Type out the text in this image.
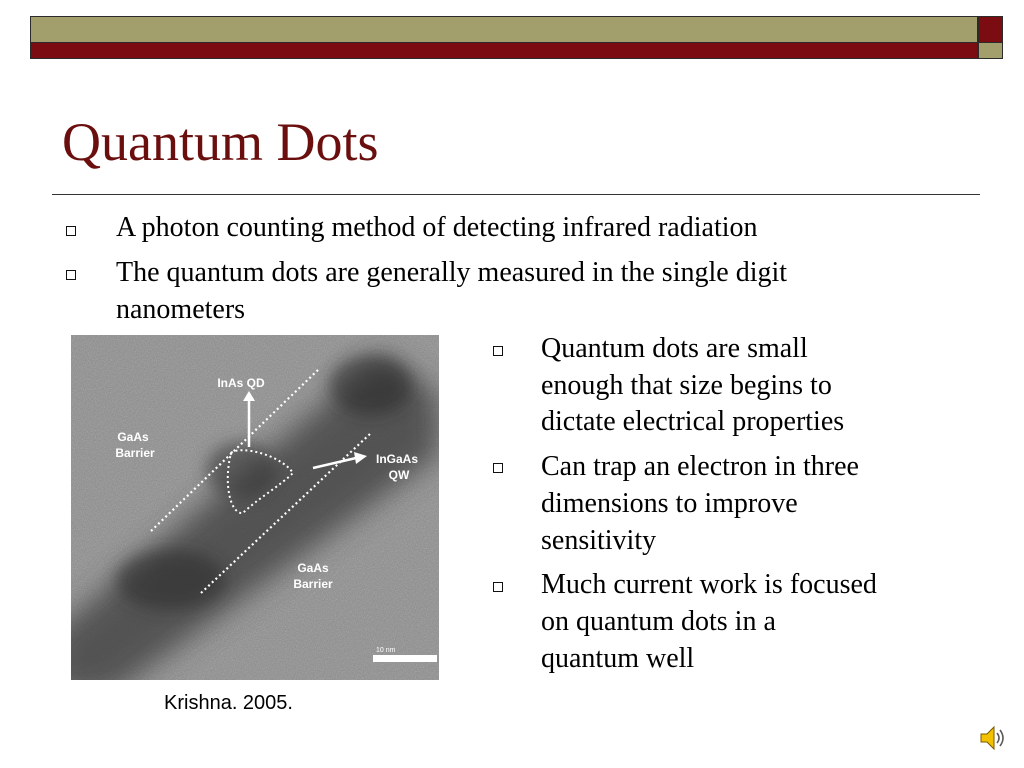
Quantum Dots

A photon counting method of detecting infrared radiation

The quantum dots are generally measured in the single digit

nanometers

InAs QD
GaAs
Barrier	InGaAs
QW
GaAs
Barrier
10 nm
Krishna. 2005.

Quantum dots are small

enough that size begins to

dictate electrical properties

Can trap an electron in three

dimensions to improve

sensitivity

Much current work is focused

on quantum dots in a

quantum well
